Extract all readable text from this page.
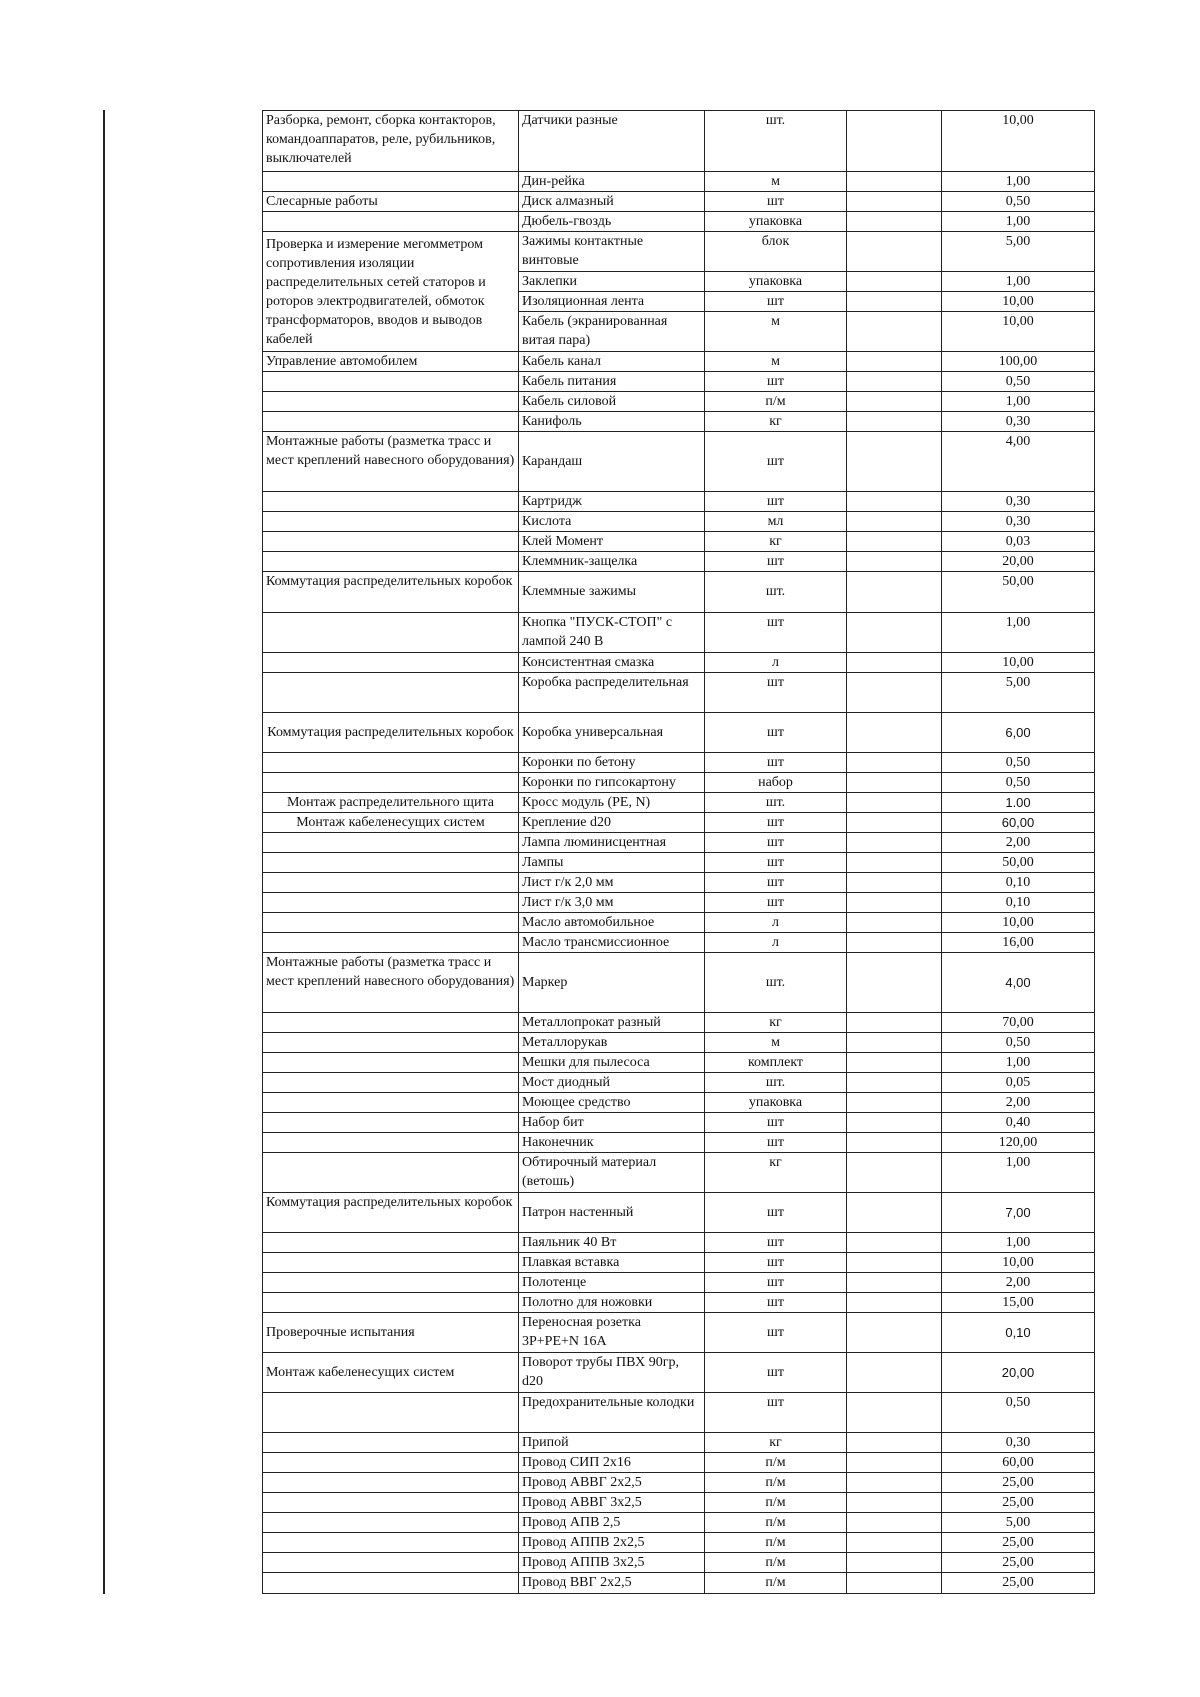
Разборка, ремонт, сборка контакторов, командоаппаратов, реле, рубильников, выключателей	Датчики разные	шт.		10,00
	Дин-рейка	м		1,00
Слесарные работы	Диск алмазный	шт		0,50
	Дюбель-гвоздь	упаковка		1,00
Проверка и измерение мегомметром сопротивления изоляции распределительных сетей статоров и роторов электродвигателей, обмоток трансформаторов, вводов и выводов кабелей	Зажимы контактные винтовые	блок		5,00
	Заклепки	упаковка		1,00
	Изоляционная лента	шт		10,00
	Кабель (экранированная витая пара)	м		10,00
Управление автомобилем	Кабель канал	м		100,00
	Кабель питания	шт		0,50
	Кабель силовой	п/м		1,00
	Канифоль	кг		0,30
Монтажные работы (разметка трасс и мест креплений навесного оборудования)	Карандаш	шт		4,00
	Картридж	шт		0,30
	Кислота	мл		0,30
	Клей Момент	кг		0,03
	Клеммник-защелка	шт		20,00
Коммутация распределительных коробок	Клеммные зажимы	шт.		50,00
	Кнопка "ПУСК-СТОП" с лампой 240 В	шт		1,00
	Консистентная смазка	л		10,00
	Коробка распределительная	шт		5,00
Коммутация распределительных коробок	Коробка универсальная	шт		6,00
	Коронки по бетону	шт		0,50
	Коронки по гипсокартону	набор		0,50
Монтаж распределительного щита	Кросс модуль (PE, N)	шт.		1.00
Монтаж кабеленесущих систем	Крепление d20	шт		60,00
	Лампа люминисцентная	шт		2,00
	Лампы	шт		50,00
	Лист г/к 2,0 мм	шт		0,10
	Лист г/к 3,0 мм	шт		0,10
	Масло автомобильное	л		10,00
	Масло трансмиссионное	л		16,00
Монтажные работы (разметка трасс и мест креплений навесного оборудования)	Маркер	шт.		4,00
	Металлопрокат разный	кг		70,00
	Металлорукав	м		0,50
	Мешки для пылесоса	комплект		1,00
	Мост диодный	шт.		0,05
	Моющее средство	упаковка		2,00
	Набор бит	шт		0,40
	Наконечник	шт		120,00
	Обтирочный материал (ветошь)	кг		1,00
Коммутация распределительных коробок	Патрон настенный	шт		7,00
	Паяльник 40 Вт	шт		1,00
	Плавкая вставка	шт		10,00
	Полотенце	шт		2,00
	Полотно для ножовки	шт		15,00
Проверочные испытания	Переносная розетка 3P+PE+N 16A	шт		0,10
Монтаж кабеленесущих систем	Поворот трубы ПВХ 90гр, d20	шт		20,00
	Предохранительные колодки	шт		0,50
	Припой	кг		0,30
	Провод СИП 2х16	п/м		60,00
	Провод АВВГ 2х2,5	п/м		25,00
	Провод АВВГ 3х2,5	п/м		25,00
	Провод АПВ 2,5	п/м		5,00
	Провод АППВ 2х2,5	п/м		25,00
	Провод АППВ 3х2,5	п/м		25,00
	Провод ВВГ 2х2,5	п/м		25,00
